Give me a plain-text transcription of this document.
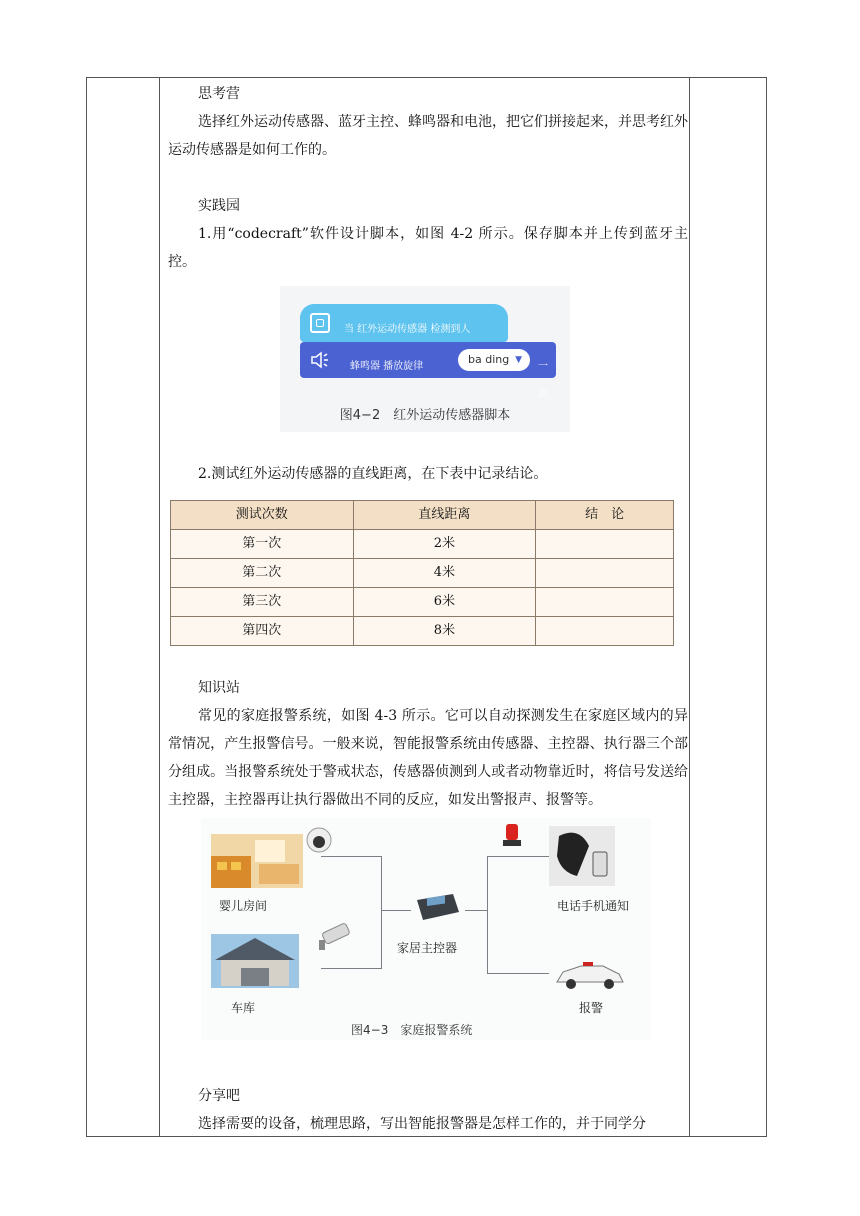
思考营

选择红外运动传感器、蓝牙主控、蜂鸣器和电池，把它们拼接起来，并思考红外运动传感器是如何工作的。

实践园

1.用“codecraft”软件设计脚本，如图 4-2 所示。保存脚本并上传到蓝牙主控。

当 红外运动传感器 检测到人
蜂鸣器 播放旋律
ba ding ▼
一次
图4−2　红外运动传感器脚本

2.测试红外运动传感器的直线距离，在下表中记录结论。

测试次数	直线距离	结　论
第一次	2米	
第二次	4米	
第三次	6米	
第四次	8米	

知识站

常见的家庭报警系统，如图 4-3 所示。它可以自动探测发生在家庭区域内的异常情况，产生报警信号。一般来说，智能报警系统由传感器、主控器、执行器三个部分组成。当报警系统处于警戒状态，传感器侦测到人或者动物靠近时，将信号发送给主控器，主控器再让执行器做出不同的反应，如发出警报声、报警等。

婴儿房间
车库
家居主控器
电话手机通知
报警
图4−3　家庭报警系统

分享吧

选择需要的设备，梳理思路，写出智能报警器是怎样工作的，并于同学分
